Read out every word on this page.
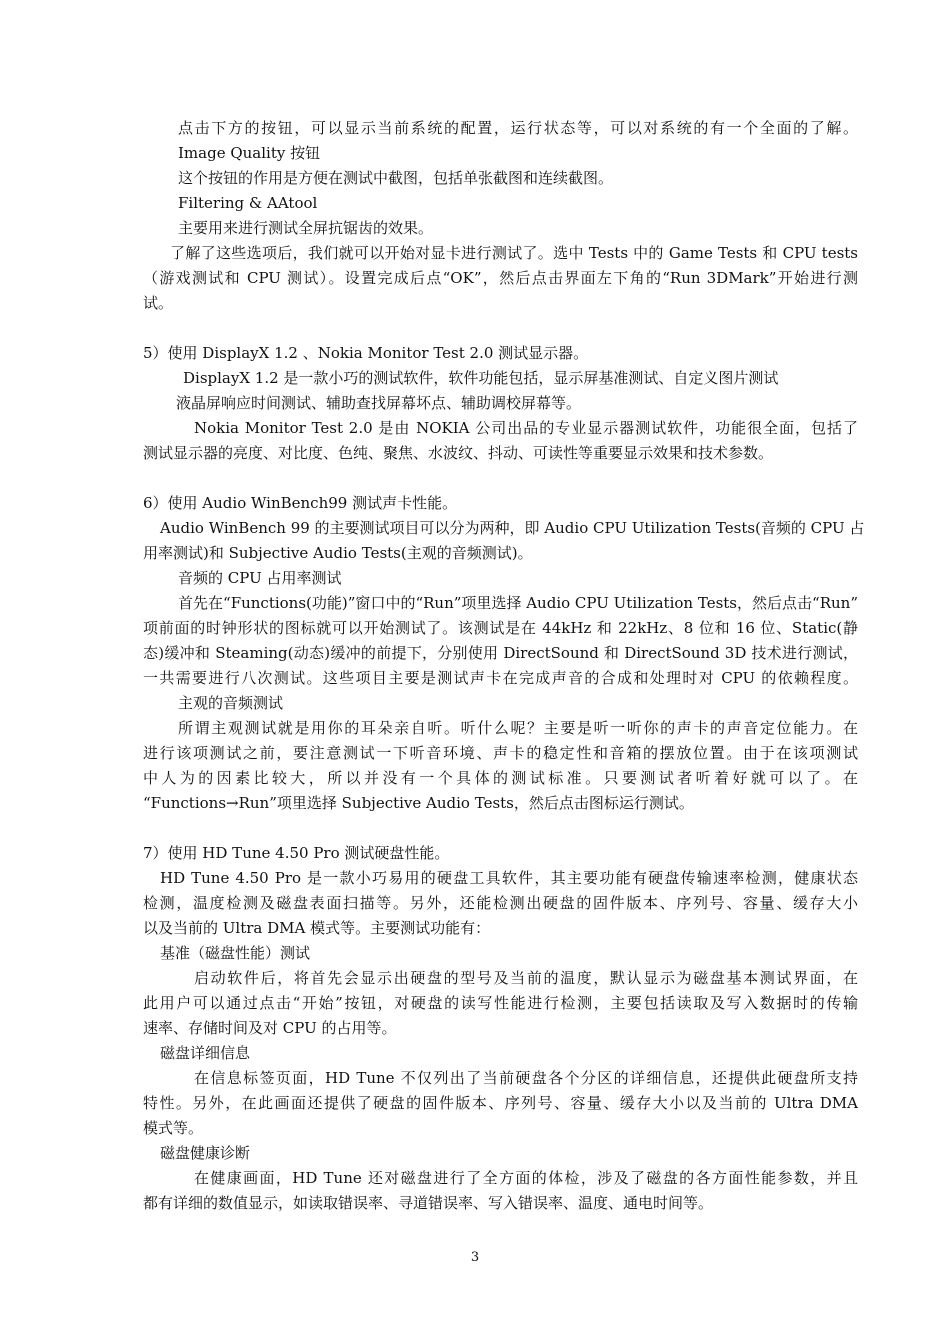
点击下方的按钮，可以显示当前系统的配置，运行状态等，可以对系统的有一个全面的了解。
Image Quality 按钮
这个按钮的作用是方便在测试中截图，包括单张截图和连续截图。
Filtering & AAtool
主要用来进行测试全屏抗锯齿的效果。
了解了这些选项后，我们就可以开始对显卡进行测试了。选中 Tests 中的 Game Tests 和 CPU tests
（游戏测试和 CPU 测试）。设置完成后点“OK”，然后点击界面左下角的“Run 3DMark”开始进行测
试。
5）使用 DisplayX 1.2 、Nokia Monitor Test 2.0 测试显示器。
DisplayX 1.2 是一款小巧的测试软件，软件功能包括，显示屏基准测试、自定义图片测试
液晶屏响应时间测试、辅助查找屏幕坏点、辅助调校屏幕等。
Nokia Monitor Test 2.0 是由 NOKIA 公司出品的专业显示器测试软件，功能很全面，包括了
测试显示器的亮度、对比度、色纯、聚焦、水波纹、抖动、可读性等重要显示效果和技术参数。
6）使用 Audio WinBench99 测试声卡性能。
Audio WinBench 99 的主要测试项目可以分为两种，即 Audio CPU Utilization Tests(音频的 CPU 占
用率测试)和 Subjective Audio Tests(主观的音频测试)。
音频的 CPU 占用率测试
首先在“Functions(功能)”窗口中的“Run”项里选择 Audio CPU Utilization Tests，然后点击“Run”
项前面的时钟形状的图标就可以开始测试了。该测试是在 44kHz 和 22kHz、8 位和 16 位、Static(静
态)缓冲和 Steaming(动态)缓冲的前提下，分别使用 DirectSound 和 DirectSound 3D 技术进行测试，
一共需要进行八次测试。这些项目主要是测试声卡在完成声音的合成和处理时对 CPU 的依赖程度。
主观的音频测试
所谓主观测试就是用你的耳朵亲自听。听什么呢？主要是听一听你的声卡的声音定位能力。在
进行该项测试之前，要注意测试一下听音环境、声卡的稳定性和音箱的摆放位置。由于在该项测试
中人为的因素比较大，所以并没有一个具体的测试标准。只要测试者听着好就可以了。在
“Functions→Run”项里选择 Subjective Audio Tests，然后点击图标运行测试。
7）使用 HD Tune 4.50 Pro 测试硬盘性能。
HD Tune 4.50 Pro 是一款小巧易用的硬盘工具软件，其主要功能有硬盘传输速率检测，健康状态
检测，温度检测及磁盘表面扫描等。另外，还能检测出硬盘的固件版本、序列号、容量、缓存大小
以及当前的 Ultra DMA 模式等。主要测试功能有：
基准（磁盘性能）测试
启动软件后，将首先会显示出硬盘的型号及当前的温度，默认显示为磁盘基本测试界面，在
此用户可以通过点击“开始”按钮，对硬盘的读写性能进行检测，主要包括读取及写入数据时的传输
速率、存储时间及对 CPU 的占用等。
磁盘详细信息
在信息标签页面，HD Tune 不仅列出了当前硬盘各个分区的详细信息，还提供此硬盘所支持
特性。另外，在此画面还提供了硬盘的固件版本、序列号、容量、缓存大小以及当前的 Ultra DMA
模式等。
磁盘健康诊断
在健康画面，HD Tune 还对磁盘进行了全方面的体检，涉及了磁盘的各方面性能参数，并且
都有详细的数值显示，如读取错误率、寻道错误率、写入错误率、温度、通电时间等。
3
